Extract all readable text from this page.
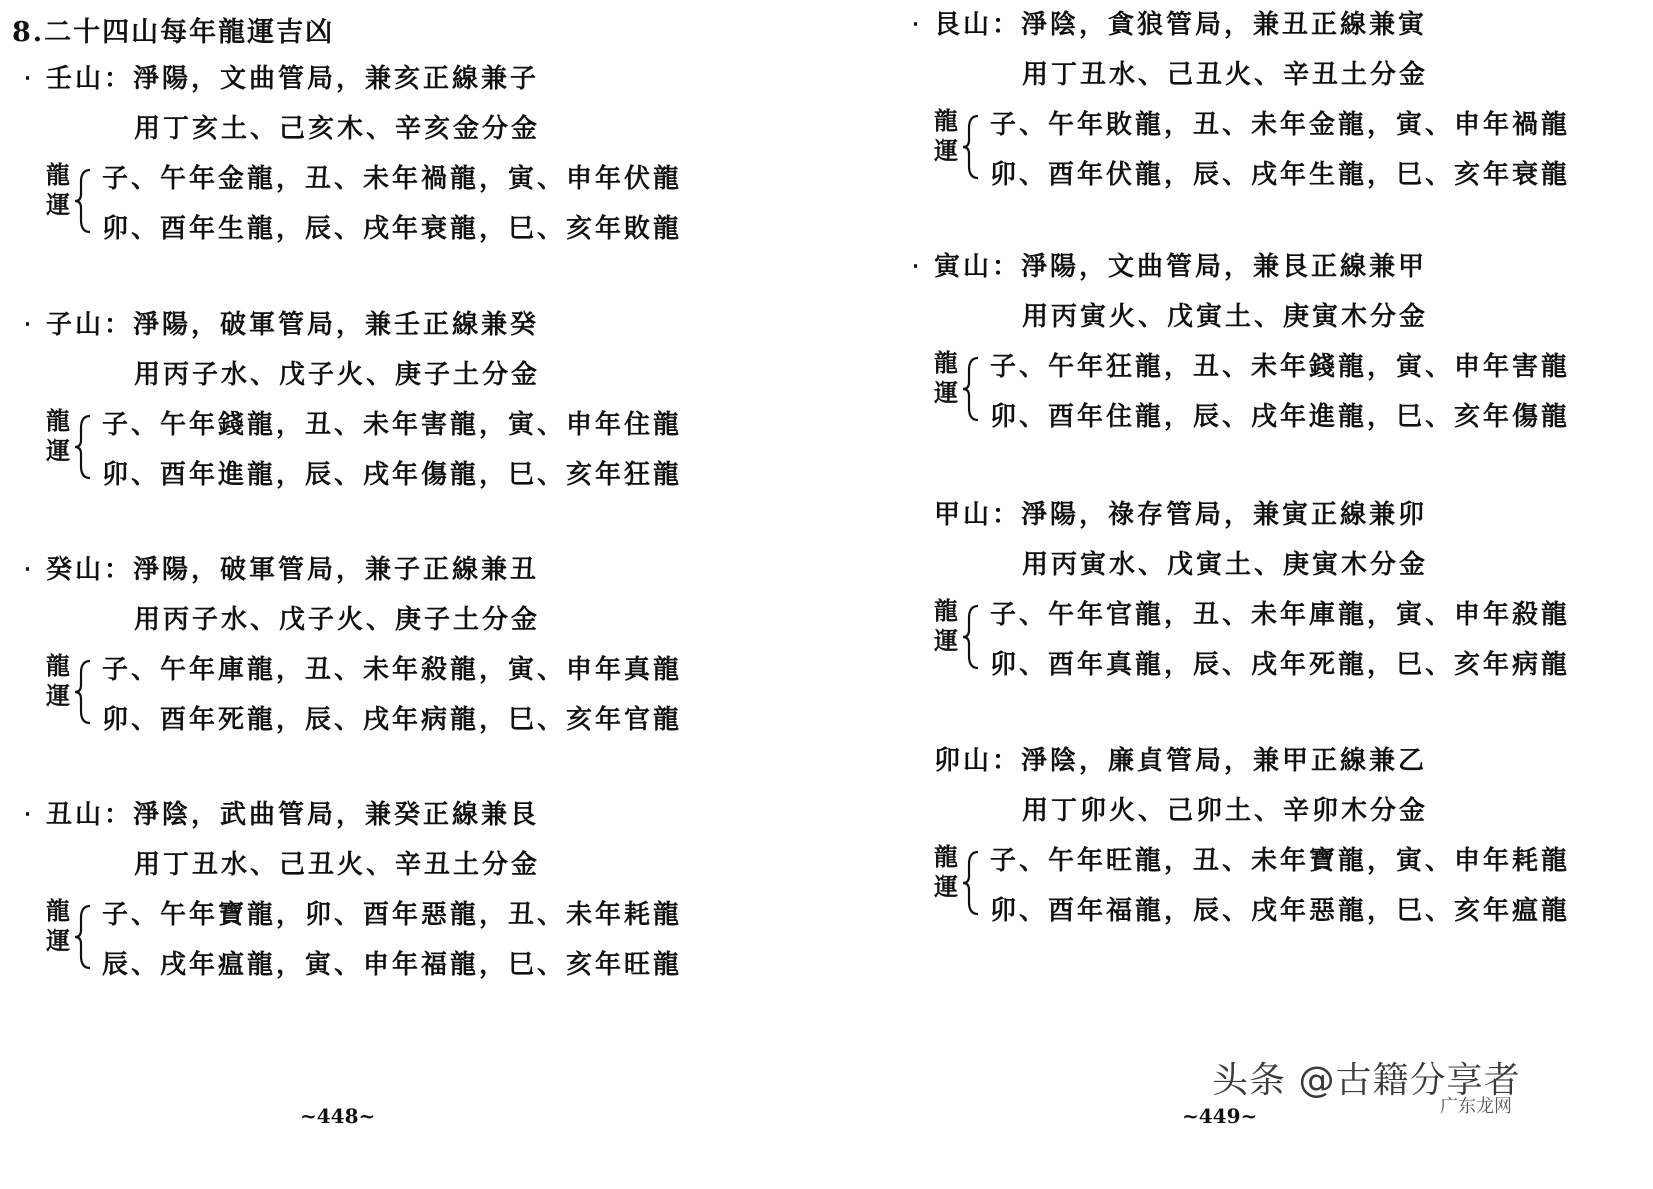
8.二十四山每年龍運吉凶
‧ 壬山：淨陽，文曲管局，兼亥正線兼子
用丁亥土、己亥木、辛亥金分金
龍
運
子、午年金龍，丑、未年禍龍，寅、申年伏龍
卯、酉年生龍，辰、戌年衰龍，巳、亥年敗龍
‧ 子山：淨陽，破軍管局，兼壬正線兼癸
用丙子水、戊子火、庚子土分金
龍
運
子、午年錢龍，丑、未年害龍，寅、申年住龍
卯、酉年進龍，辰、戌年傷龍，巳、亥年狂龍
‧ 癸山：淨陽，破軍管局，兼子正線兼丑
用丙子水、戊子火、庚子土分金
龍
運
子、午年庫龍，丑、未年殺龍，寅、申年真龍
卯、酉年死龍，辰、戌年病龍，巳、亥年官龍
‧ 丑山：淨陰，武曲管局，兼癸正線兼艮
用丁丑水、己丑火、辛丑土分金
龍
運
子、午年寶龍，卯、酉年惡龍，丑、未年耗龍
辰、戌年瘟龍，寅、申年福龍，巳、亥年旺龍
~448~
‧ 艮山：淨陰，貪狼管局，兼丑正線兼寅
用丁丑水、己丑火、辛丑土分金
龍
運
子、午年敗龍，丑、未年金龍，寅、申年禍龍
卯、酉年伏龍，辰、戌年生龍，巳、亥年衰龍
‧ 寅山：淨陽，文曲管局，兼艮正線兼甲
用丙寅火、戊寅土、庚寅木分金
龍
運
子、午年狂龍，丑、未年錢龍，寅、申年害龍
卯、酉年住龍，辰、戌年進龍，巳、亥年傷龍
甲山：淨陽，祿存管局，兼寅正線兼卯
用丙寅水、戊寅土、庚寅木分金
龍
運
子、午年官龍，丑、未年庫龍，寅、申年殺龍
卯、酉年真龍，辰、戌年死龍，巳、亥年病龍
卯山：淨陰，廉貞管局，兼甲正線兼乙
用丁卯火、己卯土、辛卯木分金
龍
運
子、午年旺龍，丑、未年寶龍，寅、申年耗龍
卯、酉年福龍，辰、戌年惡龍，巳、亥年瘟龍
~449~
头条 @古籍分享者
广东龙网
